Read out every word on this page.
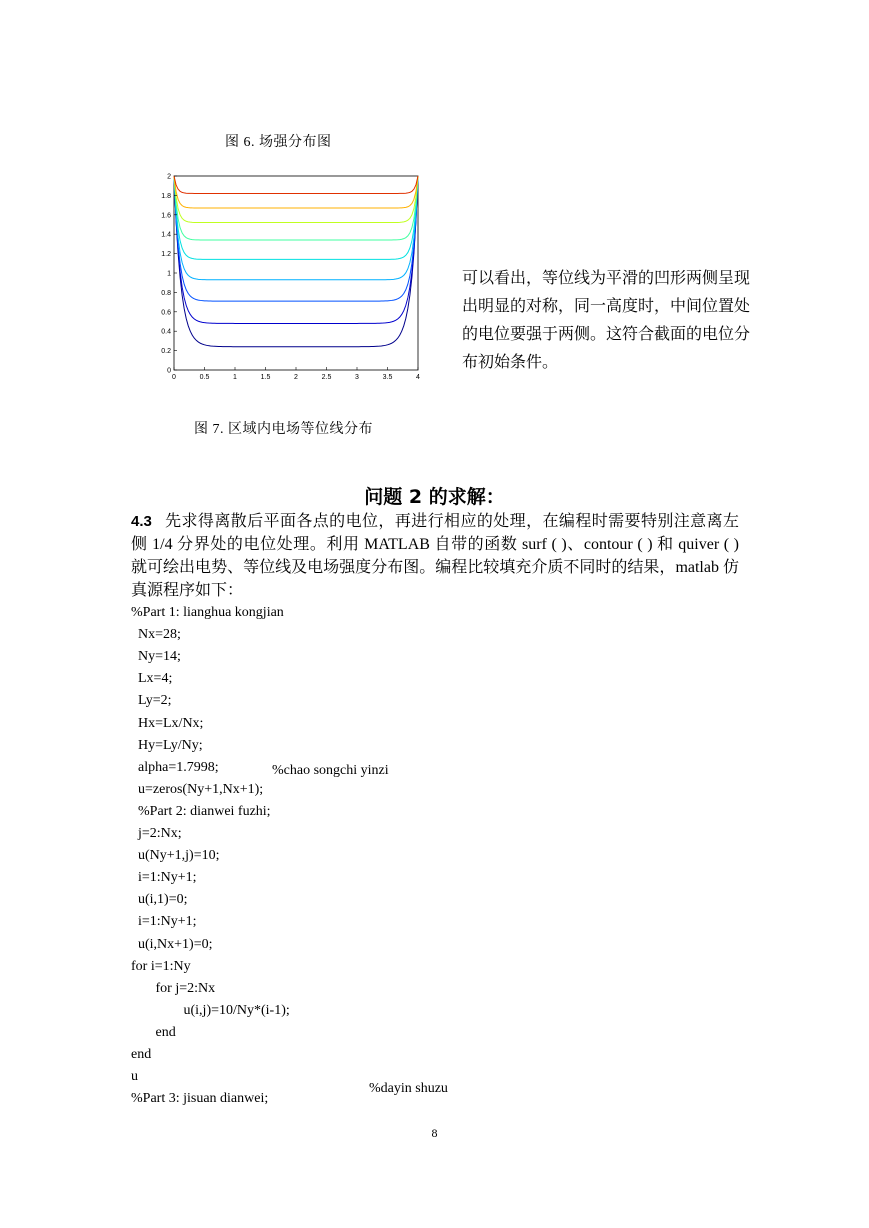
图 6. 场强分布图
0	0.5	1	1.5	2	2.5	3	3.5	4
0
0.2
0.4
0.6
0.8
1
1.2
1.4
1.6
1.8
2
可以看出，等位线为平滑的凹形两侧呈现出明显的对称，同一高度时，中间位置处的电位要强于两侧。这符合截面的电位分布初始条件。
图 7. 区域内电场等位线分布
问题 2 的求解：
4.3 先求得离散后平面各点的电位，再进行相应的处理，在编程时需要特别注意离左侧 1/4 分界处的电位处理。利用 MATLAB 自带的函数 surf ( )、contour ( ) 和 quiver ( ) 就可绘出电势、等位线及电场强度分布图。编程比较填充介质不同时的结果，matlab 仿真源程序如下：
%Part 1: lianghua kongjian
Nx=28;
Ny=14;
Lx=4;
Ly=2;
Hx=Lx/Nx;
Hy=Ly/Ny;
alpha=1.7998;
u=zeros(Ny+1,Nx+1);
%Part 2: dianwei fuzhi;
j=2:Nx;
u(Ny+1,j)=10;
i=1:Ny+1;
u(i,1)=0;
i=1:Ny+1;
u(i,Nx+1)=0;
for i=1:Ny
for j=2:Nx
u(i,j)=10/Ny*(i-1);
end
end
u
%Part 3: jisuan dianwei;
%chao songchi yinzi
%dayin shuzu
8
